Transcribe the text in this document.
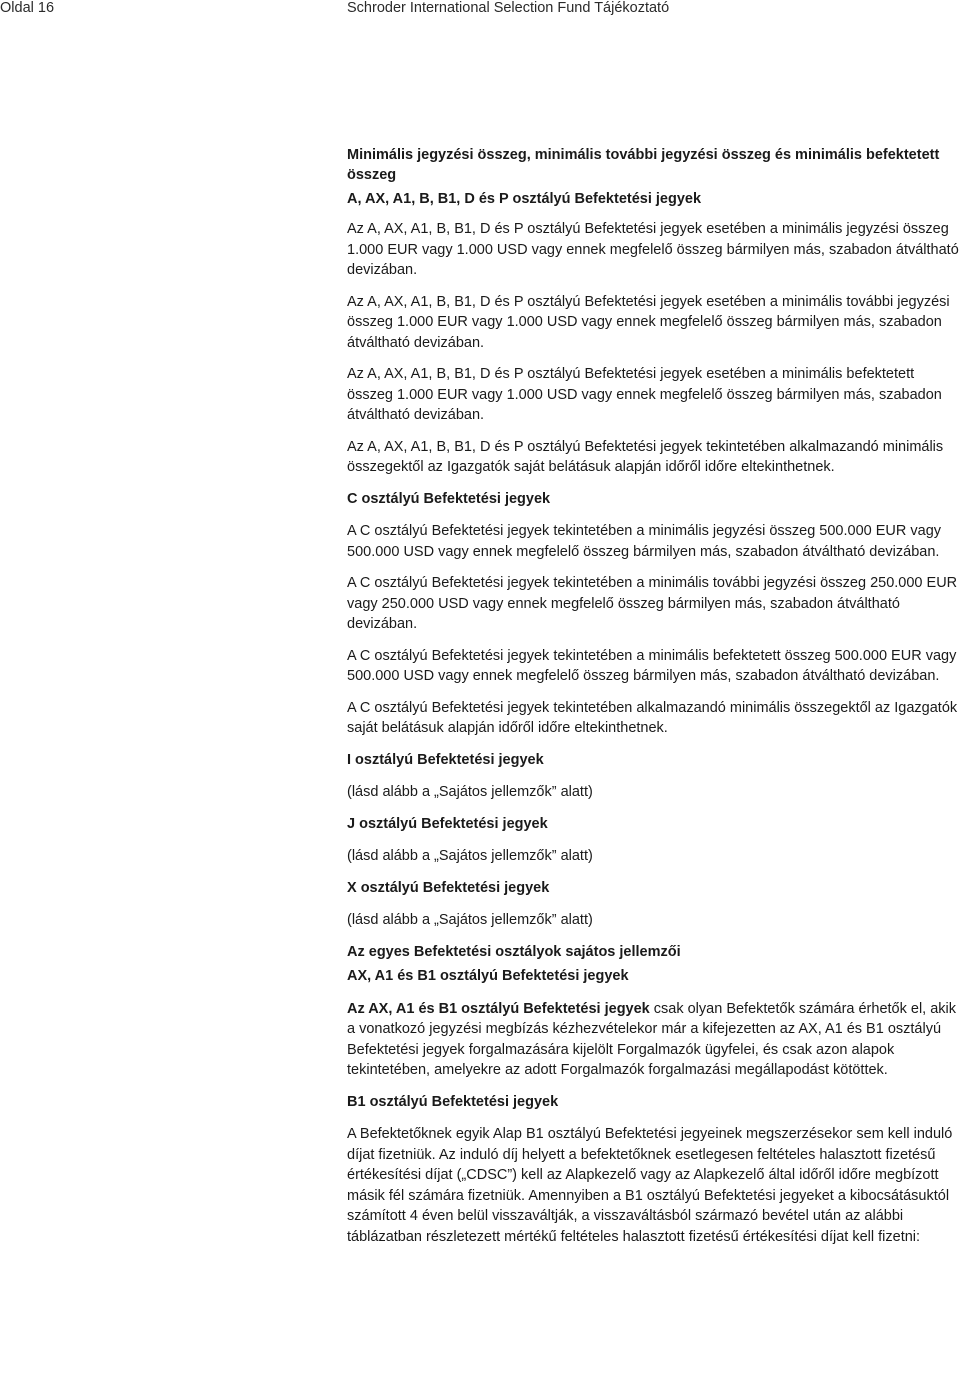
Oldal 16	Schroder International Selection Fund Tájékoztató
Minimális jegyzési összeg, minimális további jegyzési összeg és minimális befektetett összeg
A, AX, A1, B, B1, D és P osztályú Befektetési jegyek

Az A, AX, A1, B, B1, D és P osztályú Befektetési jegyek esetében a minimális jegyzési összeg 1.000 EUR vagy 1.000 USD vagy ennek megfelelő összeg bármilyen más, szabadon átváltható devizában.

Az A, AX, A1, B, B1, D és P osztályú Befektetési jegyek esetében a minimális további jegyzési összeg 1.000 EUR vagy 1.000 USD vagy ennek megfelelő összeg bármilyen más, szabadon átváltható devizában.

Az A, AX, A1, B, B1, D és P osztályú Befektetési jegyek esetében a minimális befektetett összeg 1.000 EUR vagy 1.000 USD vagy ennek megfelelő összeg bármilyen más, szabadon átváltható devizában.

Az A, AX, A1, B, B1, D és P osztályú Befektetési jegyek tekintetében alkalmazandó minimális összegektől az Igazgatók saját belátásuk alapján időről időre eltekinthetnek.

C osztályú Befektetési jegyek

A C osztályú Befektetési jegyek tekintetében a minimális jegyzési összeg 500.000 EUR vagy 500.000 USD vagy ennek megfelelő összeg bármilyen más, szabadon átváltható devizában.

A C osztályú Befektetési jegyek tekintetében a minimális további jegyzési összeg 250.000 EUR vagy 250.000 USD vagy ennek megfelelő összeg bármilyen más, szabadon átváltható devizában.

A C osztályú Befektetési jegyek tekintetében a minimális befektetett összeg 500.000 EUR vagy 500.000 USD vagy ennek megfelelő összeg bármilyen más, szabadon átváltható devizában.

A C osztályú Befektetési jegyek tekintetében alkalmazandó minimális összegektől az Igazgatók saját belátásuk alapján időről időre eltekinthetnek.

I osztályú Befektetési jegyek

(lásd alább a „Sajátos jellemzők” alatt)

J osztályú Befektetési jegyek

(lásd alább a „Sajátos jellemzők” alatt)

X osztályú Befektetési jegyek

(lásd alább a „Sajátos jellemzők” alatt)

Az egyes Befektetési osztályok sajátos jellemzői

AX, A1 és B1 osztályú Befektetési jegyek

Az AX, A1 és B1 osztályú Befektetési jegyek csak olyan Befektetők számára érhetők el, akik a vonatkozó jegyzési megbízás kézhezvételekor már a kifejezetten az AX, A1 és B1 osztályú Befektetési jegyek forgalmazására kijelölt Forgalmazók ügyfelei, és csak azon alapok tekintetében, amelyekre az adott Forgalmazók forgalmazási megállapodást kötöttek.

B1 osztályú Befektetési jegyek

A Befektetőknek egyik Alap B1 osztályú Befektetési jegyeinek megszerzésekor sem kell induló díjat fizetniük. Az induló díj helyett a befektetőknek esetlegesen feltételes halasztott fizetésű értékesítési díjat („CDSC”) kell az Alapkezelő vagy az Alapkezelő által időről időre megbízott másik fél számára fizetniük. Amennyiben a B1 osztályú Befektetési jegyeket a kibocsátásuktól számított 4 éven belül visszaváltják, a visszaváltásból származó bevétel után az alábbi táblázatban részletezett mértékű feltételes halasztott fizetésű értékesítési díjat kell fizetni:
